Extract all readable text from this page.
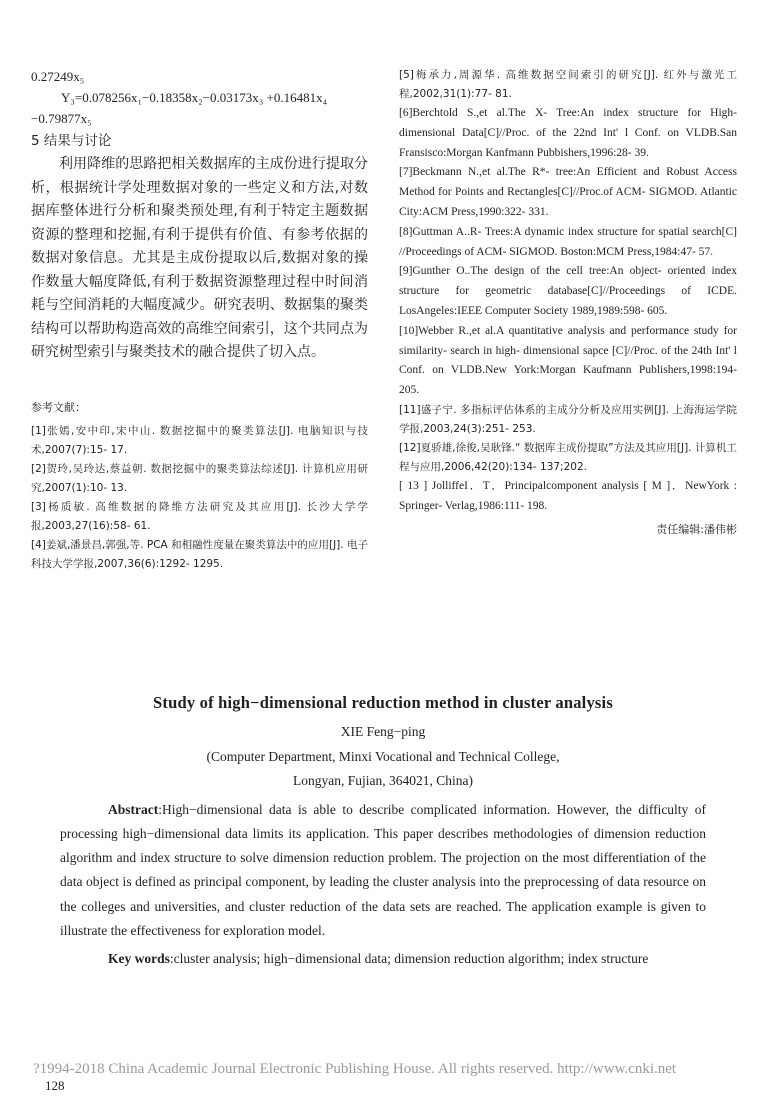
0.27249x₅
Y₃=0.078256x₁−0.18358x₂−0.03173x₃ +0.16481x₄
−0.79877x₅
5 结果与讨论

利用降维的思路把相关数据库的主成份进行提取分析，根据统计学处理数据对象的一些定义和方法,对数据库整体进行分析和聚类预处理,有利于特定主题数据资源的整理和挖掘,有利于提供有价值、有参考依据的数据对象信息。尤其是主成份提取以后,数据对象的操作数量大幅度降低,有利于数据资源整理过程中时间消耗与空间消耗的大幅度减少。研究表明、数据集的聚类结构可以帮助构造高效的高维空间索引，这个共同点为研究树型索引与聚类技术的融合提供了切入点。

参考文献：

[1]张嫣,安中印,宋中山. 数据挖掘中的聚类算法[J]. 电脑知识与技术,2007(7):15- 17.

[2]贺玲,吴玲达,蔡益朝. 数据挖掘中的聚类算法综述[J]. 计算机应用研究,2007(1):10- 13.

[3]杨质敏. 高维数据的降维方法研究及其应用[J]. 长沙大学学报,2003,27(16):58- 61.

[4]姜斌,潘景昌,郭强,等. PCA 和相融性度量在聚类算法中的应用[J]. 电子科技大学学报,2007,36(6):1292- 1295.

[5]梅承力,周源华. 高维数据空间索引的研究[J]. 红外与激光工程,2002,31(1):77- 81.

[6]Berchtold S.,et al.The X- Tree:An index structure for High- dimensional Data[C]//Proc. of the 22nd Int' l Conf. on VLDB.San Fransisco:Morgan Kanfmann Pubbishers,1996:28- 39.

[7]Beckmann N.,et al.The R*- tree:An Efficient and Robust Access Method for Points and Rectangles[C]//Proc.of ACM- SIGMOD. Atlantic City:ACM Press,1990:322- 331.

[8]Guttman A..R- Trees:A dynamic index structure for spatial search[C] //Proceedings of ACM- SIGMOD. Boston:MCM Press,1984:47- 57.

[9]Gunther O..The design of the cell tree:An object- oriented index structure for geometric database[C]//Proceedings of ICDE. LosAngeles:IEEE Computer Society 1989,1989:598- 605.

[10]Webber R.,et al.A quantitative analysis and performance study for similarity- search in high- dimensional sapce [C]//Proc. of the 24th Int' l Conf. on VLDB.New York:Morgan Kaufmann Publishers,1998:194- 205.

[11]盛子宁. 多指标评估体系的主成分分析及应用实例[J]. 上海海运学院学报,2003,24(3):251- 253.

[12]夏骄雄,徐俊,吴耿锋.“ 数据库主成份提取”方法及其应用[J]. 计算机工程与应用,2006,42(20):134- 137;202.

[ 13 ] JolliffeI．T．Principalcomponent analysis [ M ]．NewYork : Springer- Verlag,1986:111- 198.

责任编辑:潘伟彬

Study of high−dimensional reduction method in cluster analysis

XIE Feng−ping

(Computer Department, Minxi Vocational and Technical College,

Longyan, Fujian, 364021, China)

Abstract:High−dimensional data is able to describe complicated information. However, the difficulty of processing high−dimensional data limits its application. This paper describes methodologies of dimension reduction algorithm and index structure to solve dimension reduction problem. The projection on the most differentiation of the data object is defined as principal component, by leading the cluster analysis into the preprocessing of data resource on the colleges and universities, and cluster reduction of the data sets are reached. The application example is given to illustrate the effectiveness for exploration model.

Key words:cluster analysis; high−dimensional data; dimension reduction algorithm; index structure

?1994-2018 China Academic Journal Electronic Publishing House. All rights reserved. http://www.cnki.net
128
